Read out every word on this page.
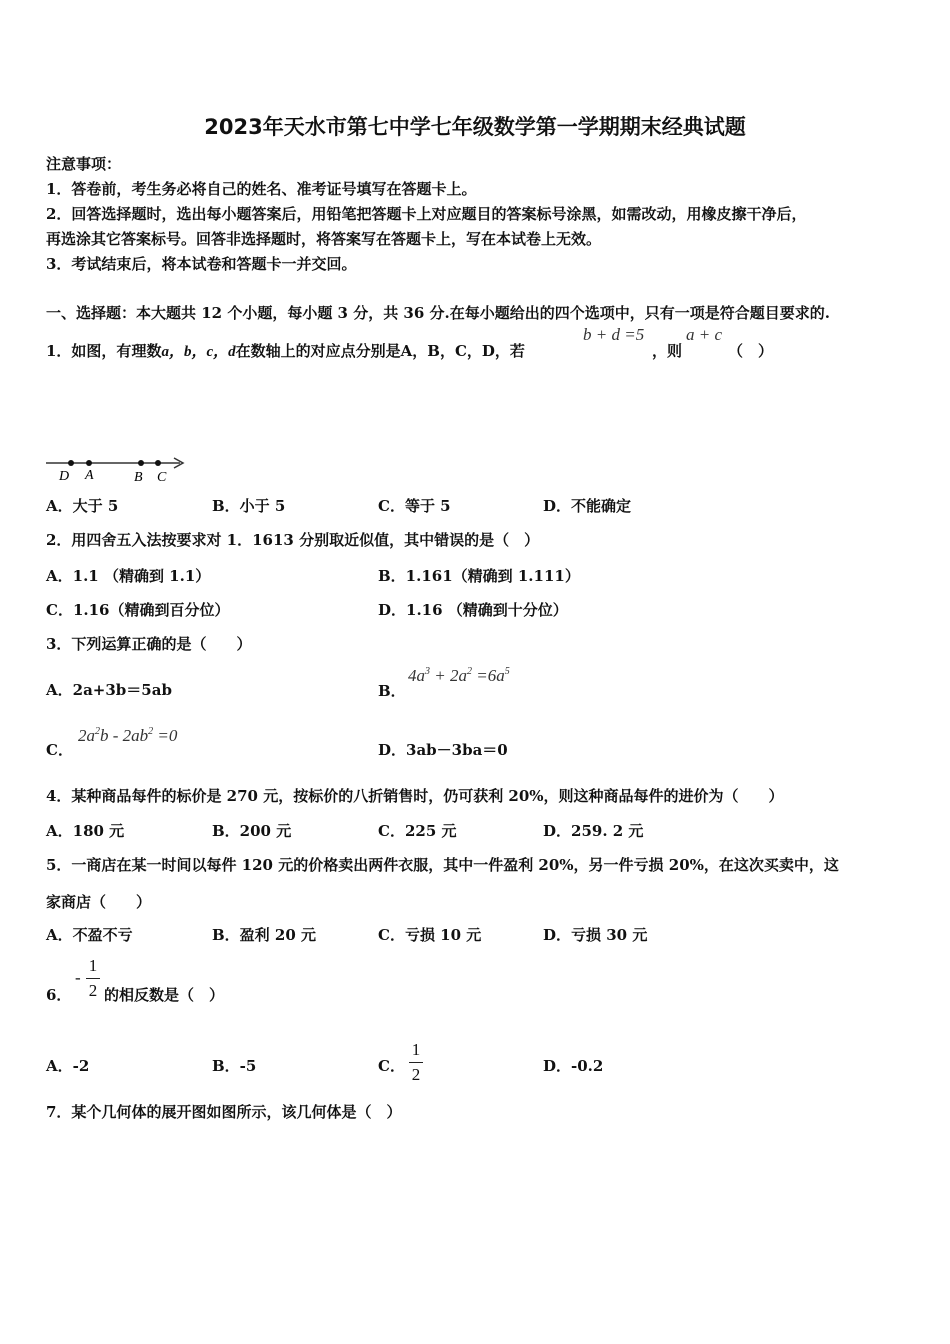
2023年天水市第七中学七年级数学第一学期期末经典试题
注意事项：
1．答卷前，考生务必将自己的姓名、准考证号填写在答题卡上。
2．回答选择题时，选出每小题答案后，用铅笔把答题卡上对应题目的答案标号涂黑，如需改动，用橡皮擦干净后，
再选涂其它答案标号。回答非选择题时，将答案写在答题卡上，写在本试卷上无效。
3．考试结束后，将本试卷和答题卡一并交回。
一、选择题：本大题共 12 个小题，每小题 3 分，共 36 分.在每小题给出的四个选项中，只有一项是符合题目要求的.
1．如图，有理数a，b，c，d在数轴上的对应点分别是A，B，C，D，若
b + d =5
，则
a + c
（　）
D A	B C
A．大于 5	B．小于 5	C．等于 5	D．不能确定
2．用四舍五入法按要求对 1．1613 分别取近似值，其中错误的是（　）
A．1.1 （精确到 1.1）	B．1.161（精确到 1.111）
C．1.16（精确到百分位）	D．1.16 （精确到十分位）
3．下列运算正确的是（　　）
A．2a+3b＝5ab	B．
$4a^3 + 2a^2 =6a^5$
C．
$2a^2b - 2ab^2 =0$
D．3ab－3ba＝0
4．某种商品每件的标价是 270 元，按标价的八折销售时，仍可获利 20%，则这种商品每件的进价为（　　）
A．180 元	B．200 元	C．225 元	D．259. 2 元
5．一商店在某一时间以每件 120 元的价格卖出两件衣服，其中一件盈利 20%，另一件亏损 20%，在这次买卖中，这
家商店（　　）
A．不盈不亏	B．盈利 20 元	C．亏损 10 元	D．亏损 30 元
6．
-
1
2 的相反数是（　）
A．-2	B．-5	C．
1
2	D．-0.2
7．某个几何体的展开图如图所示，该几何体是（　）
